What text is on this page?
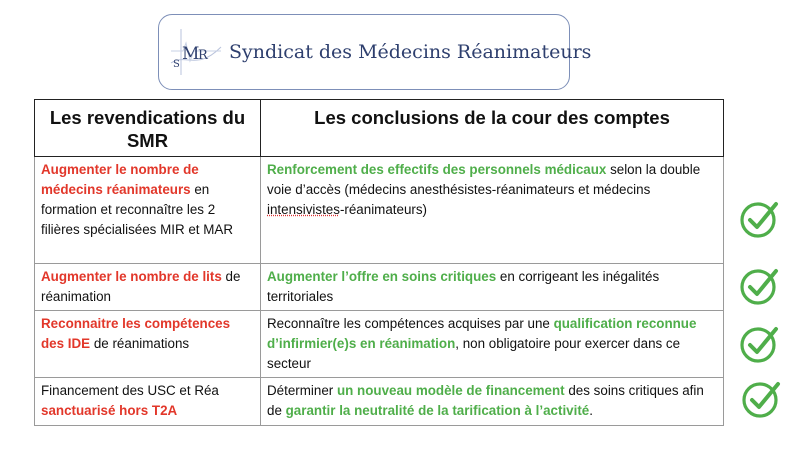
S
M
R Syndicat des Médecins Réanimateurs
Les revendications du SMR	Les conclusions de la cour des comptes
Augmenter le nombre de médecins réanimateurs en formation et reconnaître les 2 filières spécialisées MIR et MAR	Renforcement des effectifs des personnels médicaux selon la double voie d’accès (médecins anesthésistes-réanimateurs et médecins intensivistes-réanimateurs)
Augmenter le nombre de lits de réanimation	Augmenter l’offre en soins critiques en corrigeant les inégalités territoriales
Reconnaitre les compétences des IDE de réanimations	Reconnaître les compétences acquises par une qualification reconnue d’infirmier(e)s en réanimation, non obligatoire pour exercer dans ce secteur
Financement des USC et Réa sanctuarisé hors T2A	Déterminer un nouveau modèle de financement des soins critiques afin de garantir la neutralité de la tarification à l’activité.
